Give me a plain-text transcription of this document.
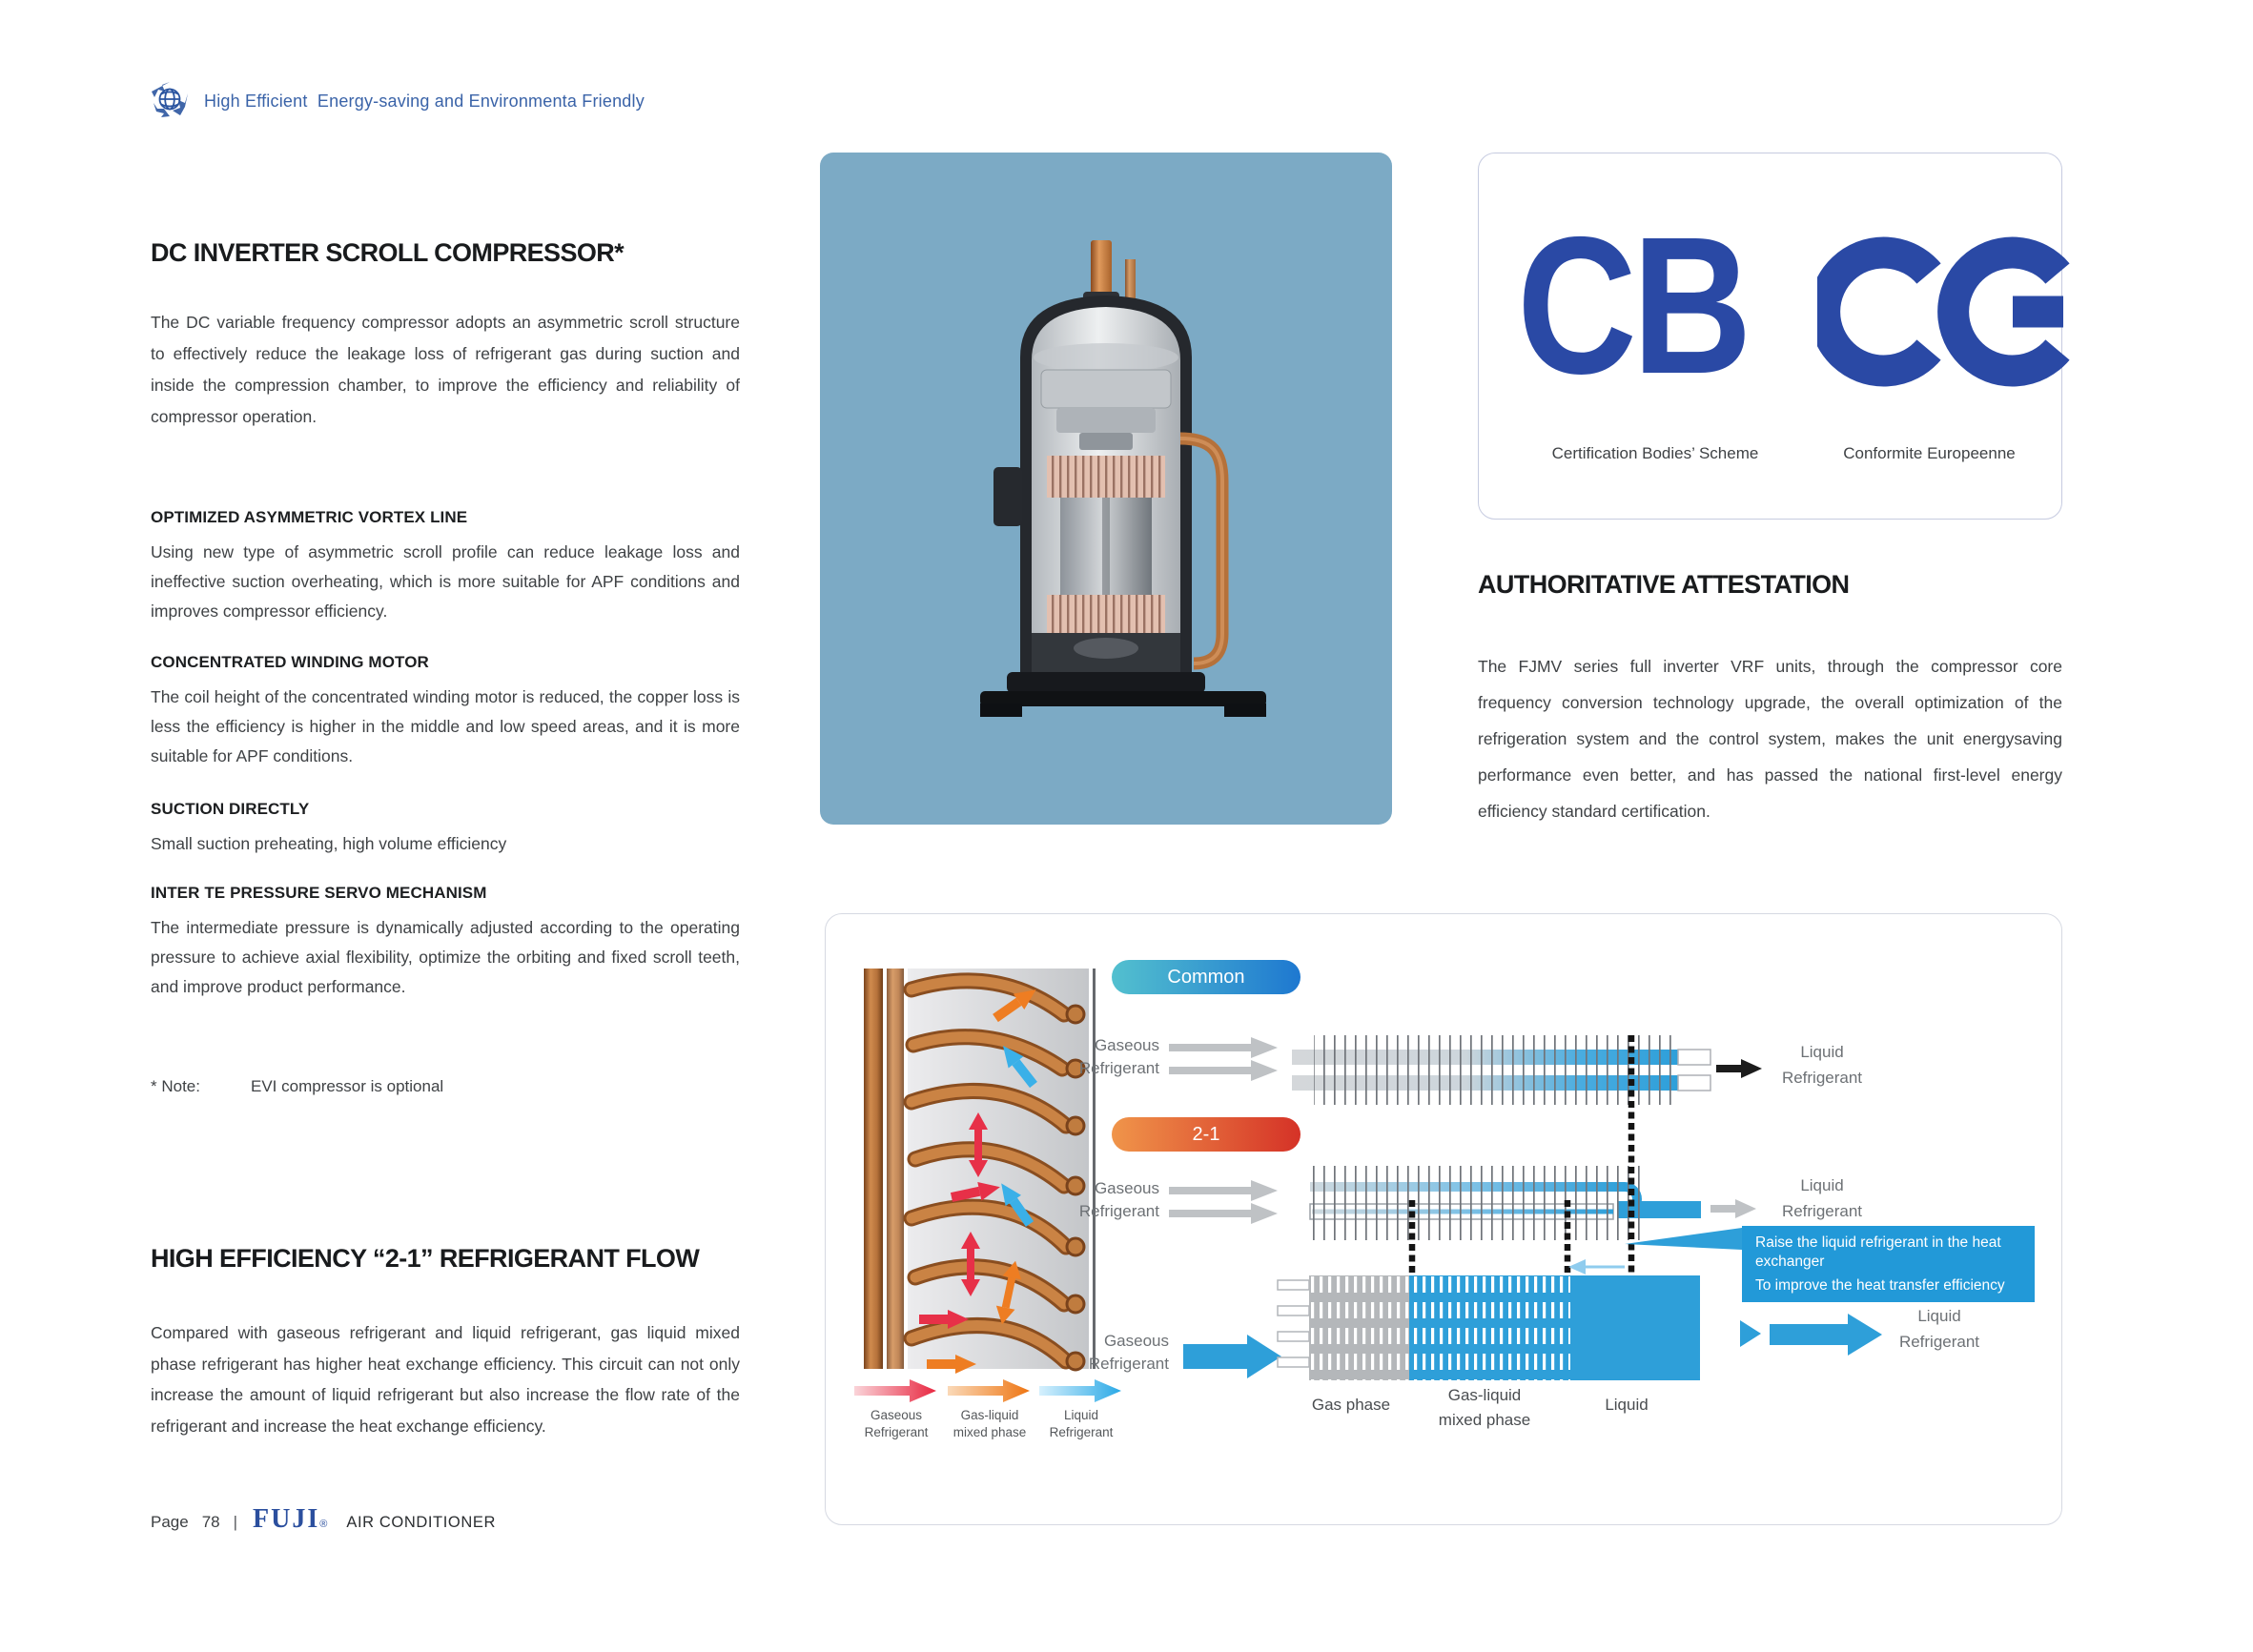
High Efficient  Energy-saving and Environmenta Friendly
DC INVERTER SCROLL COMPRESSOR*

The DC variable frequency compressor adopts an asymmetric scroll structure to effectively reduce the leakage loss of refrigerant gas during suction and inside the compression chamber, to improve the efficiency and reliability of compressor operation.

OPTIMIZED ASYMMETRIC VORTEX LINE

Using new type of asymmetric scroll profile can reduce leakage loss and ineffective suction overheating, which is more suitable for APF conditions and improves compressor efficiency.

CONCENTRATED WINDING MOTOR

The coil height of the concentrated winding motor is reduced, the copper loss is less the efficiency is higher in the middle and low speed areas, and it is more suitable for APF conditions.

SUCTION DIRECTLY

Small suction preheating, high volume efficiency

INTER TE PRESSURE SERVO MECHANISM

The intermediate pressure is dynamically adjusted according to the operating pressure to achieve axial flexibility, optimize the orbiting and fixed scroll teeth, and improve product performance.

* Note:	EVI compressor is optional
HIGH EFFICIENCY “2-1” REFRIGERANT FLOW

Compared with gaseous refrigerant and liquid refrigerant, gas liquid mixed phase refrigerant has higher heat exchange efficiency. This circuit can not only increase the amount of liquid refrigerant but also increase the flow rate of the refrigerant and increase the heat exchange efficiency.

Page 78 | FUJI ® AIR CONDITIONER
CB
Certification Bodies’ Scheme	Conformite Europeenne
AUTHORITATIVE ATTESTATION

The FJMV series full inverter VRF units, through the compressor core frequency conversion technology upgrade, the overall optimization of the refrigeration system and the control system, makes the unit energysaving performance even better, and has passed the national first-level energy efficiency standard certification.

Common
2-1
Gaseous
Refrigerant
Liquid
Refrigerant
Gaseous
Refrigerant
Liquid
Refrigerant
Gaseous
Refrigerant
Liquid
Refrigerant

Raise the liquid refrigerant in the heat exchanger

To improve the heat transfer efficiency

Gas phase
Gas-liquid
mixed phase
Liquid
Gaseous
Refrigerant
Gas-liquid
mixed phase
Liquid
Refrigerant
